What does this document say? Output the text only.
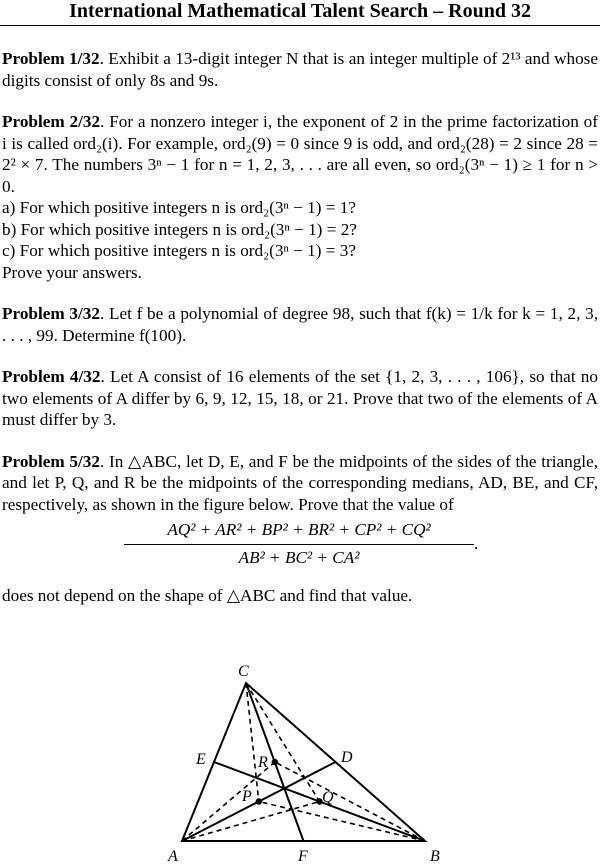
International Mathematical Talent Search – Round 32

Problem 1/32. Exhibit a 13-digit integer N that is an integer multiple of 2¹³ and whose digits consist of only 8s and 9s.

Problem 2/32. For a nonzero integer i, the exponent of 2 in the prime factorization of i is called ord₂(i). For example, ord₂(9) = 0 since 9 is odd, and ord₂(28) = 2 since 28 = 2² × 7. The numbers 3ⁿ − 1 for n = 1, 2, 3, . . . are all even, so ord₂(3ⁿ − 1) ≥ 1 for n > 0.

a) For which positive integers n is ord₂(3ⁿ − 1) = 1?

b) For which positive integers n is ord₂(3ⁿ − 1) = 2?

c) For which positive integers n is ord₂(3ⁿ − 1) = 3?

Prove your answers.

Problem 3/32. Let f be a polynomial of degree 98, such that f(k) = 1/k for k = 1, 2, 3, . . . , 99. Determine f(100).

Problem 4/32. Let A consist of 16 elements of the set {1, 2, 3, . . . , 106}, so that no two elements of A differ by 6, 9, 12, 15, 18, or 21. Prove that two of the elements of A must differ by 3.

Problem 5/32. In △ABC, let D, E, and F be the midpoints of the sides of the triangle, and let P, Q, and R be the midpoints of the corresponding medians, AD, BE, and CF, respectively, as shown in the figure below. Prove that the value of

$\frac{\text{AQ² + AR² + BP² + BR² + CP² + CQ²}}{\text{AB² + BC² + CA²}}$ .

does not depend on the shape of △ABC and find that value.

C
D
E
A	F	B
P	Q
R
